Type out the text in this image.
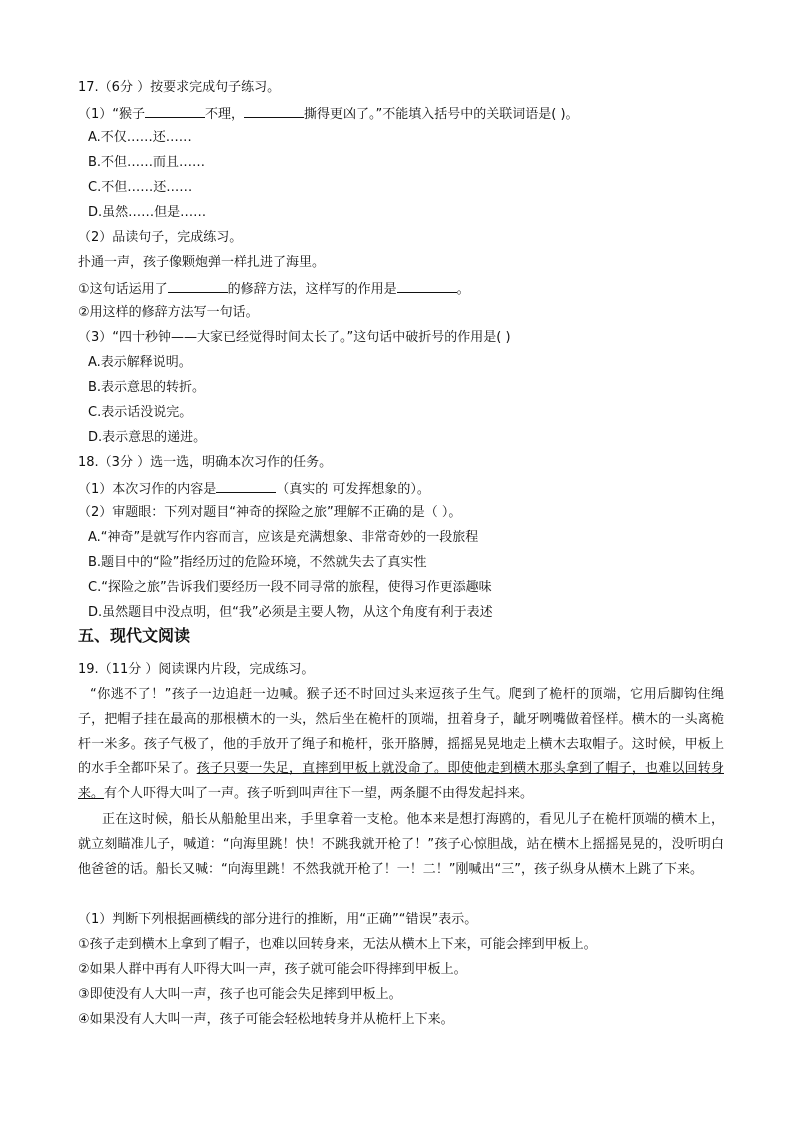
17.（6分 ）按要求完成句子练习。
（1）“猴子	不理，	撕得更凶了。”不能填入括号中的关联词语是( )。
A.不仅……还……
B.不但……而且……
C.不但……还……
D.虽然……但是……
（2）品读句子，完成练习。
扑通一声，孩子像颗炮弹一样扎进了海里。
①这句话运用了	的修辞方法，这样写的作用是	。
②用这样的修辞方法写一句话。
（3）“四十秒钟——大家已经觉得时间太长了。”这句话中破折号的作用是( )
A.表示解释说明。
B.表示意思的转折。
C.表示话没说完。
D.表示意思的递进。
18.（3分 ）选一选，明确本次习作的任务。
（1）本次习作的内容是	（真实的 可发挥想象的）。
（2）审题眼：下列对题目“神奇的探险之旅”理解不正确的是（ ）。
A.“神奇”是就写作内容而言，应该是充满想象、非常奇妙的一段旅程
B.题目中的“险”指经历过的危险环境，不然就失去了真实性
C.“探险之旅”告诉我们要经历一段不同寻常的旅程，使得习作更添趣味
D.虽然题目中没点明，但“我”必须是主要人物，从这个角度有利于表述
五、现代文阅读
19.（11分 ）阅读课内片段，完成练习。
“你逃不了！”孩子一边追赶一边喊。猴子还不时回过头来逗孩子生气。爬到了桅杆的顶端，它用后脚钩住绳子，把帽子挂在最高的那根横木的一头，然后坐在桅杆的顶端，扭着身子，龇牙咧嘴做着怪样。横木的一头离桅杆一米多。孩子气极了，他的手放开了绳子和桅杆，张开胳膊，摇摇晃晃地走上横木去取帽子。这时候，甲板上的水手全都吓呆了。孩子只要一失足，直摔到甲板上就没命了。即使他走到横木那头拿到了帽子，也难以回转身来。有个人吓得大叫了一声。孩子听到叫声往下一望，两条腿不由得发起抖来。
正在这时候，船长从船舱里出来，手里拿着一支枪。他本来是想打海鸥的，看见儿子在桅杆顶端的横木上，就立刻瞄准儿子，喊道：“向海里跳！快！不跳我就开枪了！”孩子心惊胆战，站在横木上摇摇晃晃的，没听明白他爸爸的话。船长又喊：“向海里跳！不然我就开枪了！一！二！”刚喊出“三”，孩子纵身从横木上跳了下来。
（1）判断下列根据画横线的部分进行的推断，用“正确”“错误”表示。
①孩子走到横木上拿到了帽子，也难以回转身来，无法从横木上下来，可能会摔到甲板上。
②如果人群中再有人吓得大叫一声，孩子就可能会吓得摔到甲板上。
③即使没有人大叫一声，孩子也可能会失足摔到甲板上。
④如果没有人大叫一声，孩子可能会轻松地转身并从桅杆上下来。
